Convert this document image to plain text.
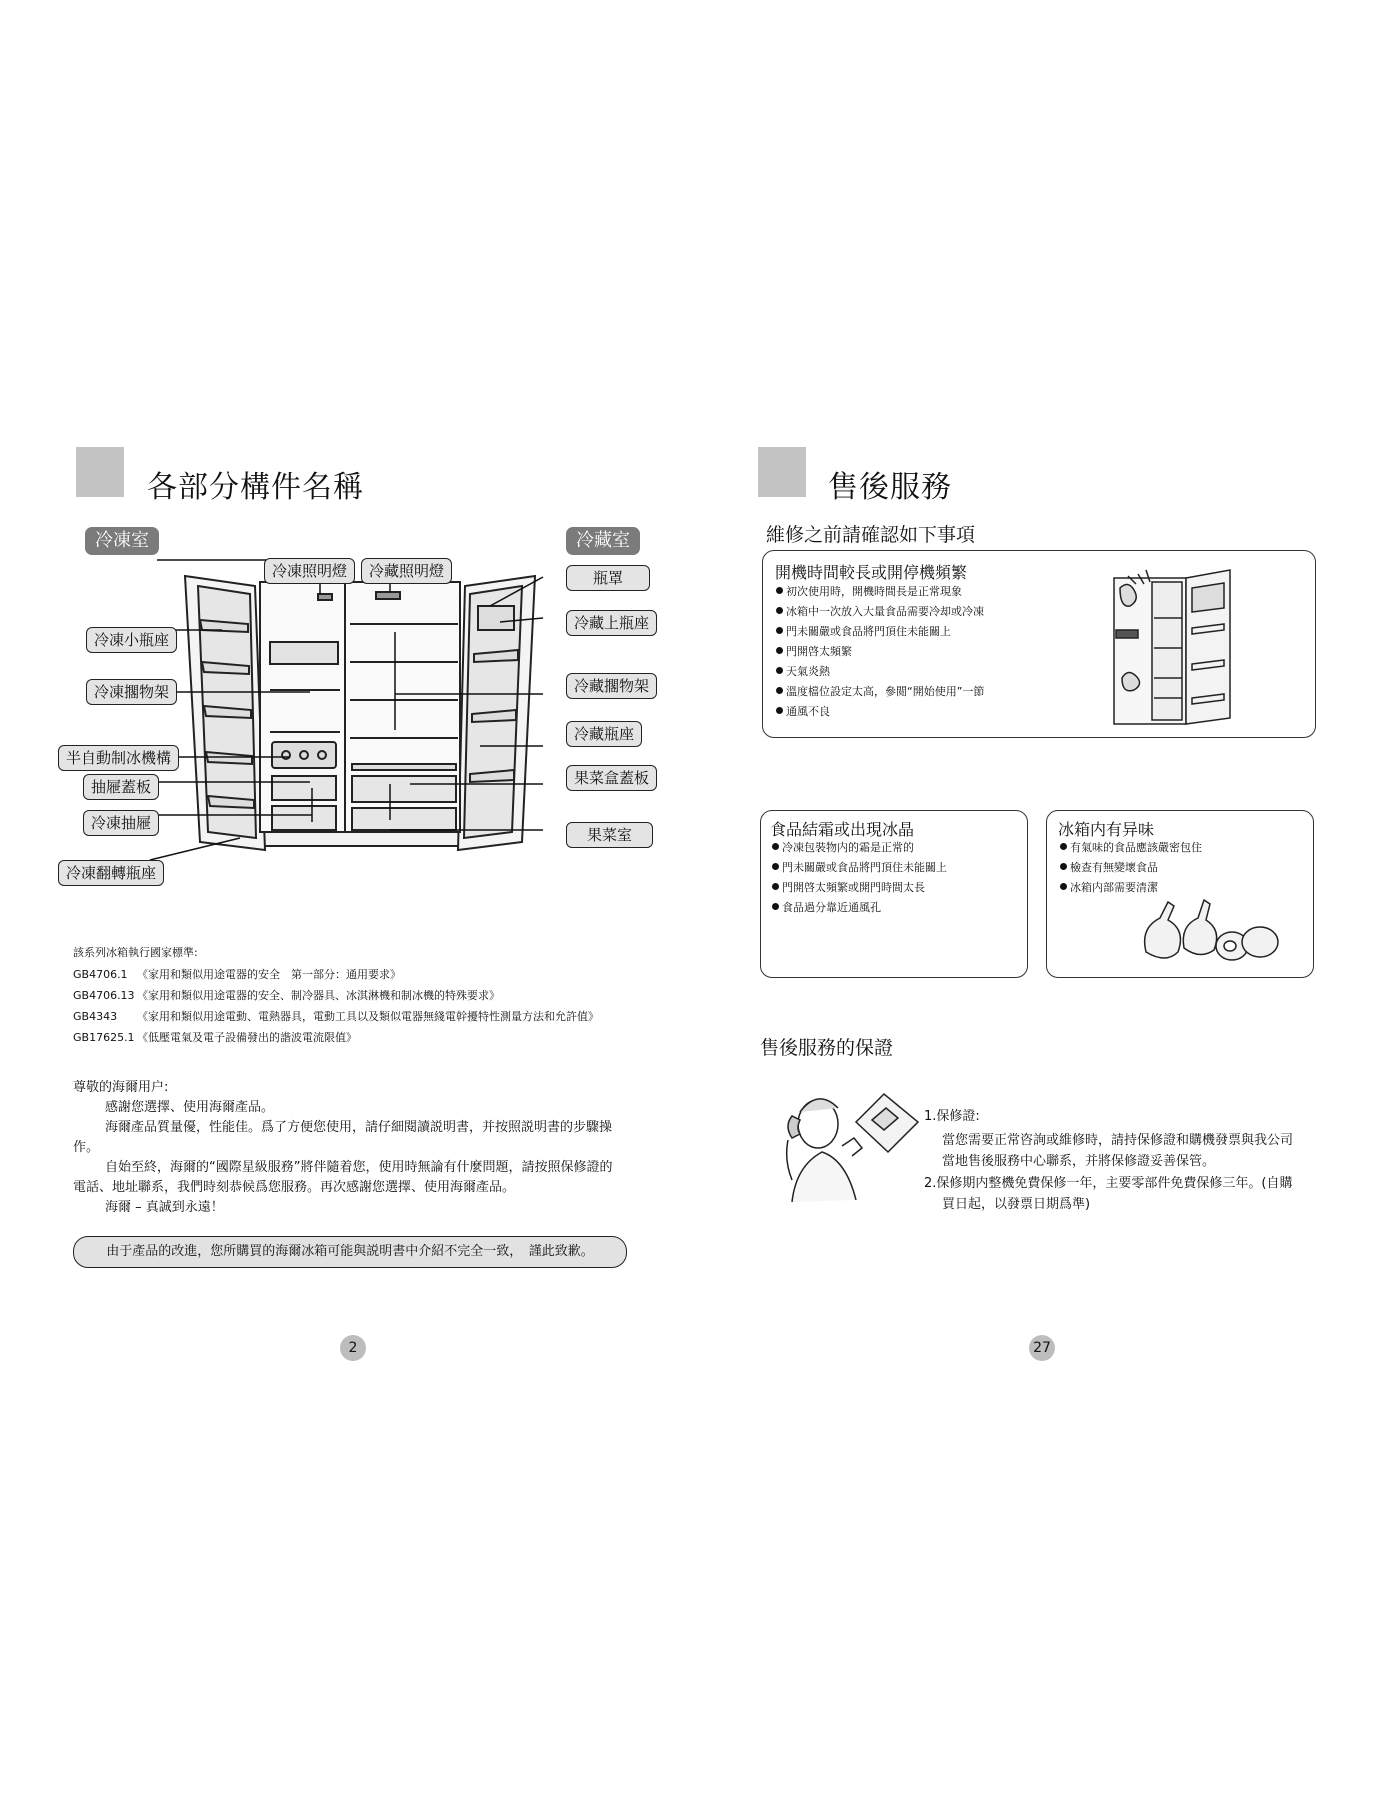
各部分構件名稱
冷凍室	冷藏室
冷凍照明燈	冷藏照明燈	瓶罩
冷藏上瓶座
冷凍小瓶座
冷凍擱物架	冷藏擱物架
冷藏瓶座
半自動制冰機構
果菜盒蓋板
抽屜蓋板
冷凍抽屜
果菜室
冷凍翻轉瓶座
該系列冰箱執行國家標準:
GB4706.1 《家用和類似用途電器的安全　第一部分：通用要求》
GB4706.13 《家用和類似用途電器的安全、制冷器具、冰淇淋機和制冰機的特殊要求》
GB4343 《家用和類似用途電動、電熱器具，電動工具以及類似電器無綫電幹擾特性測量方法和允許值》
GB17625.1 《低壓電氣及電子設備發出的諧波電流限值》
尊敬的海爾用户:
感謝您選擇、使用海爾產品。
海爾產品質量優，性能佳。爲了方便您使用，請仔細閱讀説明書，并按照説明書的步驟操作。
自始至終，海爾的“國際星級服務”將伴隨着您，使用時無論有什麼問題，請按照保修證的電話、地址聯系，我們時刻恭候爲您服務。再次感謝您選擇、使用海爾產品。
海爾 – 真誠到永遠！
由于產品的改進，您所購買的海爾冰箱可能與説明書中介紹不完全一致，　謹此致歉。
2
售後服務
維修之前請確認如下事項
開機時間較長或開停機頻繁
初次使用時，開機時間長是正常現象
冰箱中一次放入大量食品需要冷却或冷凍
門未關嚴或食品將門頂住未能關上
門開啓太頻繁
天氣炎熱
溫度檔位設定太高，參閲“開始使用”一節
通風不良
食品結霜或出現冰晶
冷凍包裝物内的霜是正常的
門未關嚴或食品將門頂住未能關上
門開啓太頻繁或開門時間太長
食品過分靠近通風孔
冰箱内有异味
有氣味的食品應該嚴密包住
檢查有無變壞食品
冰箱内部需要清潔
售後服務的保證
1.保修證:
當您需要正常咨詢或維修時，請持保修證和購機發票與我公司
當地售後服務中心聯系，并將保修證妥善保管。
2.保修期内整機免費保修一年，主要零部件免費保修三年。(自購
買日起，以發票日期爲準)
27
